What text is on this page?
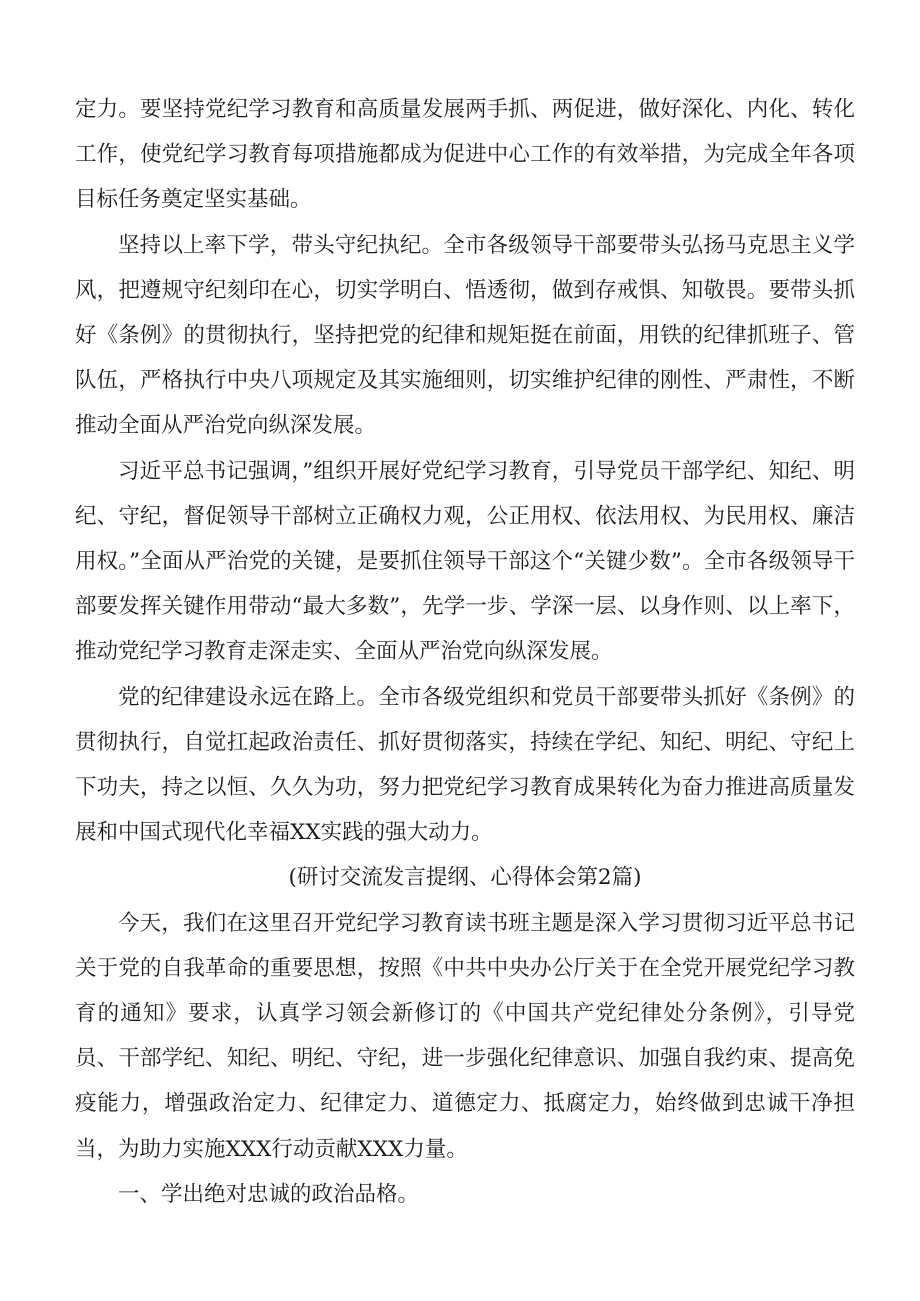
定力。要坚持党纪学习教育和高质量发展两手抓、两促进，做好深化、内化、转化工作，使党纪学习教育每项措施都成为促进中心工作的有效举措，为完成全年各项目标任务奠定坚实基础。

坚持以上率下学，带头守纪执纪。全市各级领导干部要带头弘扬马克思主义学风，把遵规守纪刻印在心，切实学明白、悟透彻，做到存戒惧、知敬畏。要带头抓好《条例》的贯彻执行，坚持把党的纪律和规矩挺在前面，用铁的纪律抓班子、管队伍，严格执行中央八项规定及其实施细则，切实维护纪律的刚性、严肃性，不断推动全面从严治党向纵深发展。

习近平总书记强调，”组织开展好党纪学习教育，引导党员干部学纪、知纪、明纪、守纪，督促领导干部树立正确权力观，公正用权、依法用权、为民用权、廉洁用权。”全面从严治党的关键，是要抓住领导干部这个“关键少数”。全市各级领导干部要发挥关键作用带动“最大多数”，先学一步、学深一层、以身作则、以上率下，推动党纪学习教育走深走实、全面从严治党向纵深发展。

党的纪律建设永远在路上。全市各级党组织和党员干部要带头抓好《条例》的贯彻执行，自觉扛起政治责任、抓好贯彻落实，持续在学纪、知纪、明纪、守纪上下功夫，持之以恒、久久为功，努力把党纪学习教育成果转化为奋力推进高质量发展和中国式现代化幸福XX实践的强大动力。

(研讨交流发言提纲、心得体会第2篇)

今天，我们在这里召开党纪学习教育读书班主题是深入学习贯彻习近平总书记关于党的自我革命的重要思想，按照《中共中央办公厅关于在全党开展党纪学习教育的通知》要求，认真学习领会新修订的《中国共产党纪律处分条例》，引导党员、干部学纪、知纪、明纪、守纪，进一步强化纪律意识、加强自我约束、提高免疫能力，增强政治定力、纪律定力、道德定力、抵腐定力，始终做到忠诚干净担当，为助力实施XXX行动贡献XXX力量。

一、学出绝对忠诚的政治品格。
